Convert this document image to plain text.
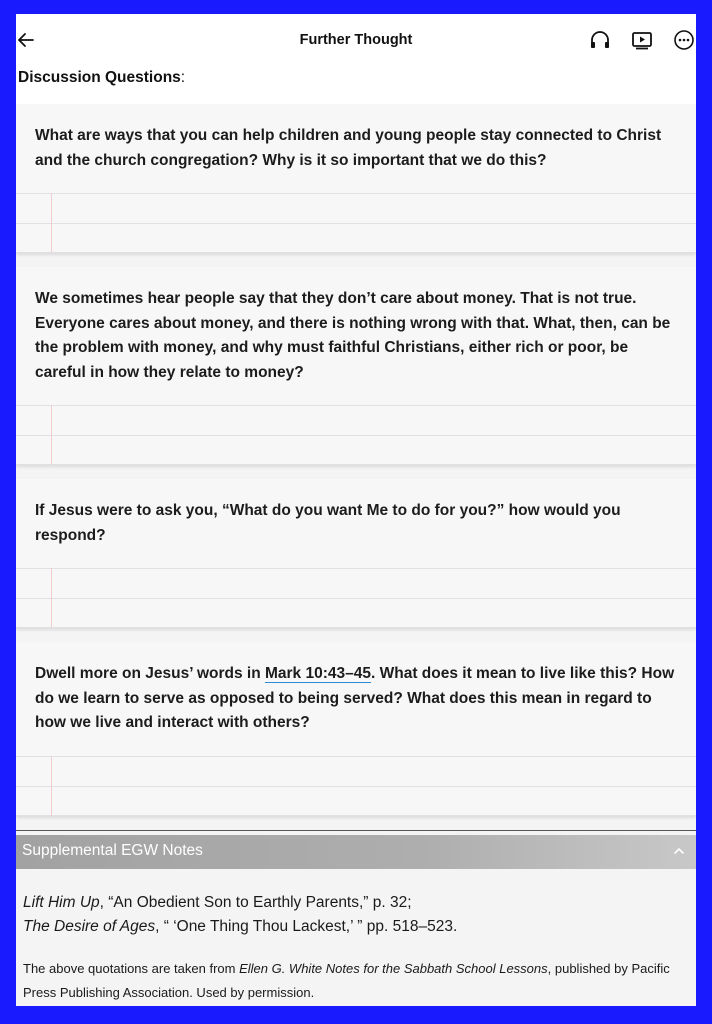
Further Thought
Discussion Questions:
What are ways that you can help children and young people stay connected to Christ and the church congregation? Why is it so important that we do this?
We sometimes hear people say that they don’t care about money. That is not true. Everyone cares about money, and there is nothing wrong with that. What, then, can be the problem with money, and why must faithful Christians, either rich or poor, be careful in how they relate to money?
If Jesus were to ask you, “What do you want Me to do for you?” how would you respond?
Dwell more on Jesus’ words in Mark 10:43–45. What does it mean to live like this? How do we learn to serve as opposed to being served? What does this mean in regard to how we live and interact with others?
Supplemental EGW Notes
Lift Him Up, “An Obedient Son to Earthly Parents,” p. 32;
The Desire of Ages, “ ‘One Thing Thou Lackest,’ ” pp. 518–523.
The above quotations are taken from Ellen G. White Notes for the Sabbath School Lessons, published by Pacific Press Publishing Association. Used by permission.
